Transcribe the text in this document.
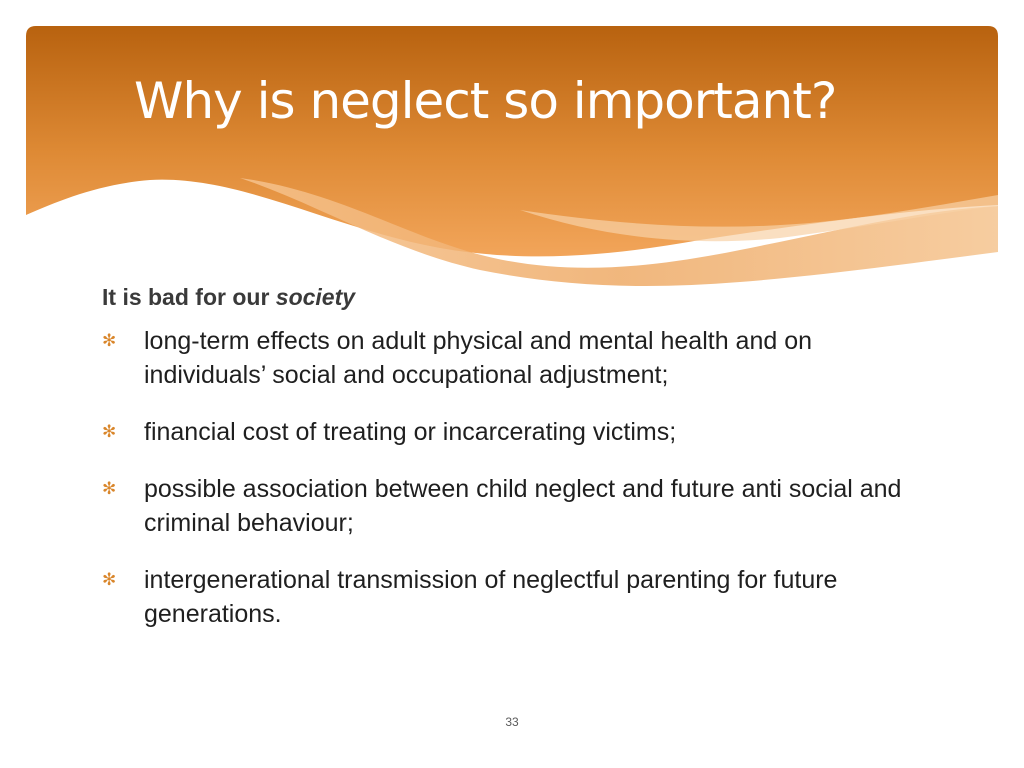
Why is neglect so important?

It is bad for our society

✻ long-term effects on adult physical and mental health and on individuals’ social and occupational adjustment;
✻ financial cost of treating or incarcerating victims;
✻ possible association between child neglect and future anti social and criminal behaviour;
✻ intergenerational transmission of neglectful parenting for future generations.
33
